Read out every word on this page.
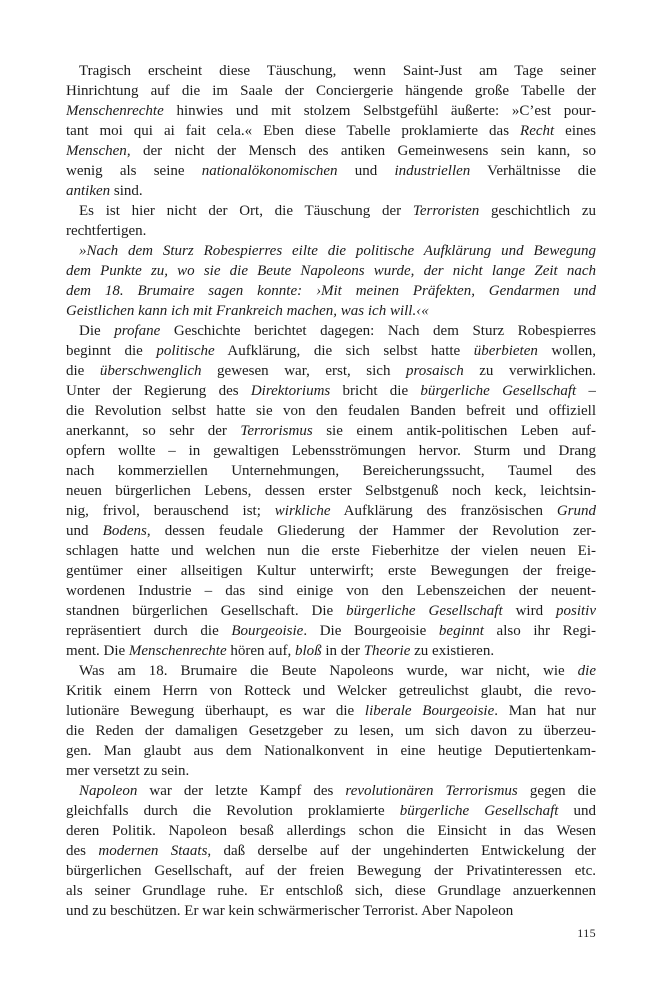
Tragisch erscheint diese Täuschung, wenn Saint-Just am Tage seiner
Hinrichtung auf die im Saale der Conciergerie hängende große Tabelle der
Menschenrechte hinwies und mit stolzem Selbstgefühl äußerte: »C’est pour-
tant moi qui ai fait cela.« Eben diese Tabelle proklamierte das Recht eines
Menschen, der nicht der Mensch des antiken Gemeinwesens sein kann, so
wenig als seine nationalökonomischen und industriellen Verhältnisse die
antiken sind.
Es ist hier nicht der Ort, die Täuschung der Terroristen geschichtlich zu
rechtfertigen.
»Nach dem Sturz Robespierres eilte die politische Aufklärung und Bewegung
dem Punkte zu, wo sie die Beute Napoleons wurde, der nicht lange Zeit nach
dem 18. Brumaire sagen konnte: ›Mit meinen Präfekten, Gendarmen und
Geistlichen kann ich mit Frankreich machen, was ich will.‹«
Die profane Geschichte berichtet dagegen: Nach dem Sturz Robespierres
beginnt die politische Aufklärung, die sich selbst hatte überbieten wollen,
die überschwenglich gewesen war, erst, sich prosaisch zu verwirklichen.
Unter der Regierung des Direktoriums bricht die bürgerliche Gesellschaft –
die Revolution selbst hatte sie von den feudalen Banden befreit und offiziell
anerkannt, so sehr der Terrorismus sie einem antik-politischen Leben auf-
opfern wollte – in gewaltigen Lebensströmungen hervor. Sturm und Drang
nach kommerziellen Unternehmungen, Bereicherungssucht, Taumel des
neuen bürgerlichen Lebens, dessen erster Selbstgenuß noch keck, leichtsin-
nig, frivol, berauschend ist; wirkliche Aufklärung des französischen Grund
und Bodens, dessen feudale Gliederung der Hammer der Revolution zer-
schlagen hatte und welchen nun die erste Fieberhitze der vielen neuen Ei-
gentümer einer allseitigen Kultur unterwirft; erste Bewegungen der freige-
wordenen Industrie – das sind einige von den Lebenszeichen der neuent-
standnen bürgerlichen Gesellschaft. Die bürgerliche Gesellschaft wird positiv
repräsentiert durch die Bourgeoisie. Die Bourgeoisie beginnt also ihr Regi-
ment. Die Menschenrechte hören auf, bloß in der Theorie zu existieren.
Was am 18. Brumaire die Beute Napoleons wurde, war nicht, wie die
Kritik einem Herrn von Rotteck und Welcker getreulichst glaubt, die revo-
lutionäre Bewegung überhaupt, es war die liberale Bourgeoisie. Man hat nur
die Reden der damaligen Gesetzgeber zu lesen, um sich davon zu überzeu-
gen. Man glaubt aus dem Nationalkonvent in eine heutige Deputiertenkam-
mer versetzt zu sein.
Napoleon war der letzte Kampf des revolutionären Terrorismus gegen die
gleichfalls durch die Revolution proklamierte bürgerliche Gesellschaft und
deren Politik. Napoleon besaß allerdings schon die Einsicht in das Wesen
des modernen Staats, daß derselbe auf der ungehinderten Entwickelung der
bürgerlichen Gesellschaft, auf der freien Bewegung der Privatinteressen etc.
als seiner Grundlage ruhe. Er entschloß sich, diese Grundlage anzuerkennen
und zu beschützen. Er war kein schwärmerischer Terrorist. Aber Napoleon
115
